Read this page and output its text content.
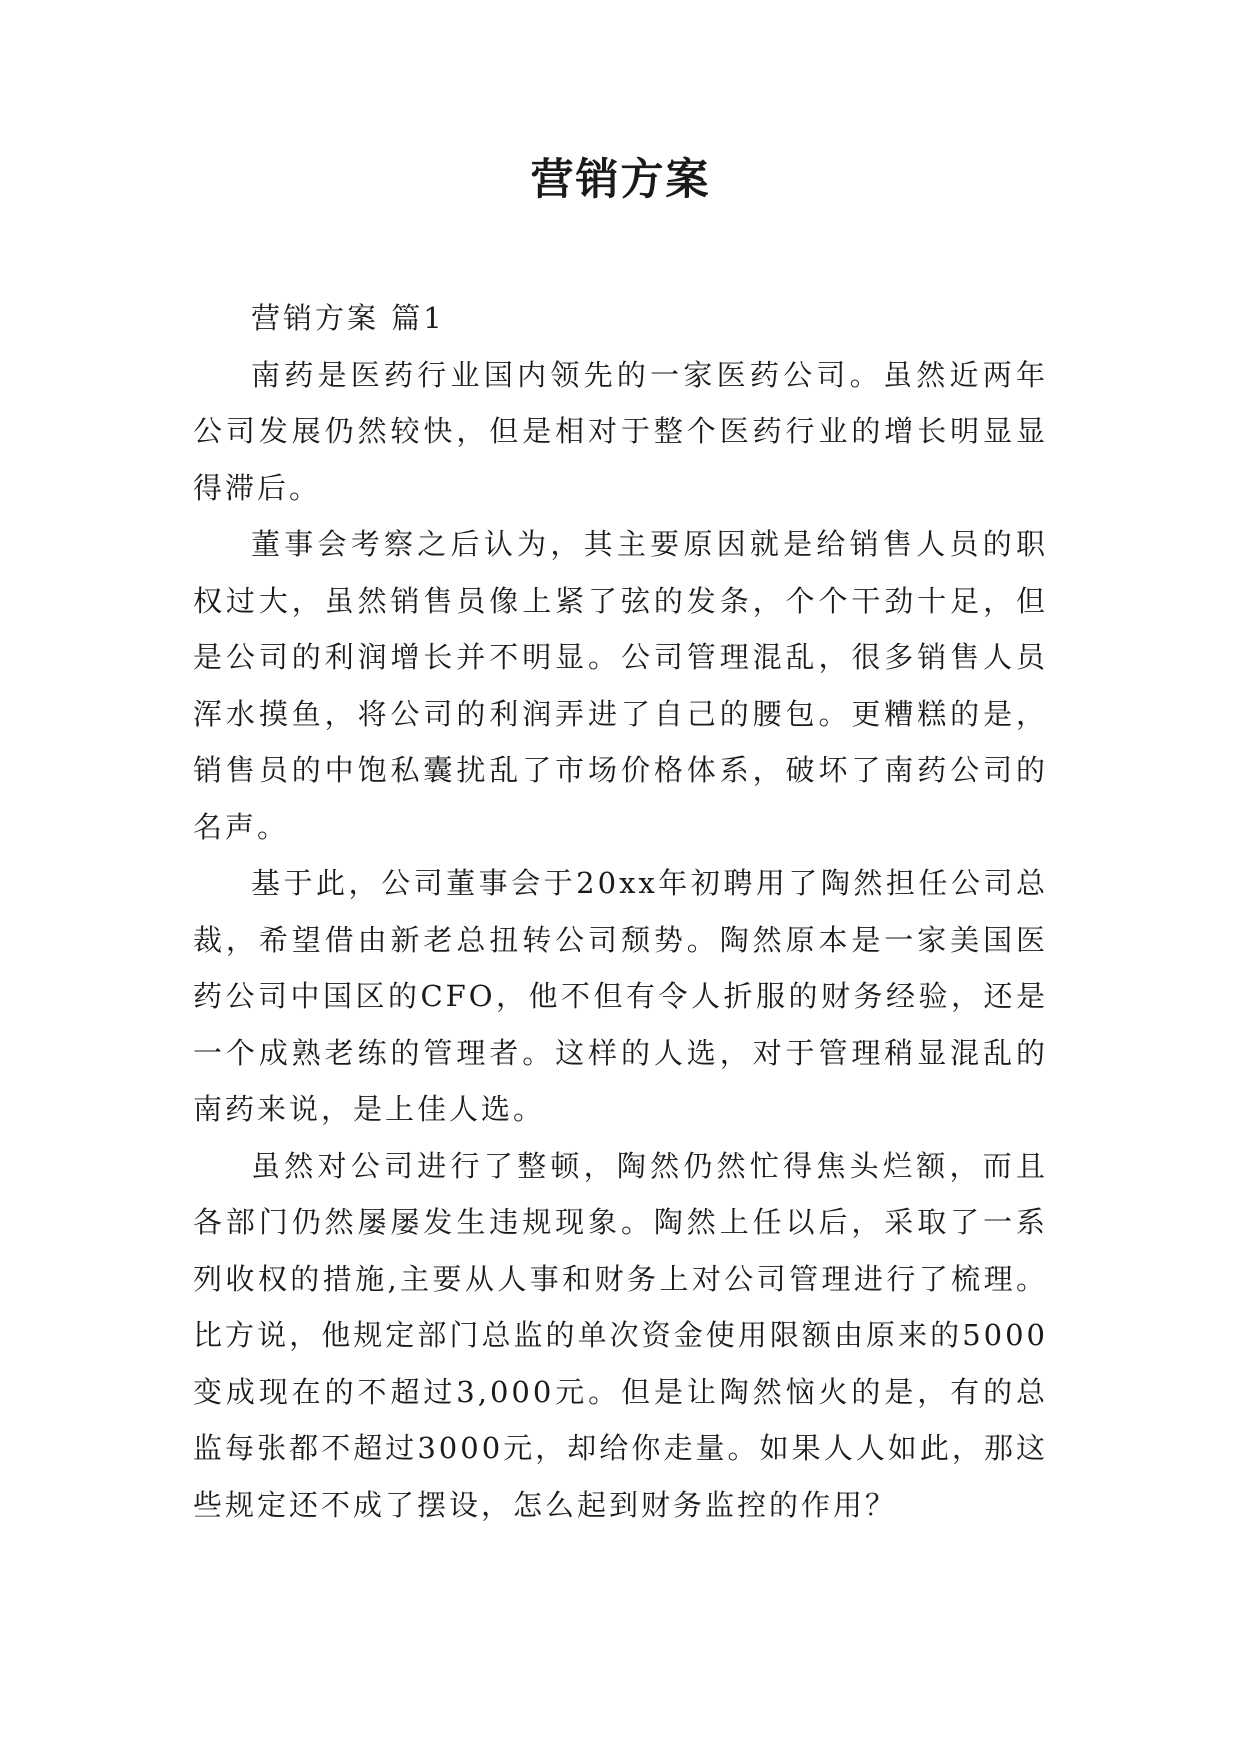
营销方案

营销方案 篇1

南药是医药行业国内领先的一家医药公司。虽然近两年公司发展仍然较快，但是相对于整个医药行业的增长明显显得滞后。

董事会考察之后认为，其主要原因就是给销售人员的职权过大，虽然销售员像上紧了弦的发条，个个干劲十足，但是公司的利润增长并不明显。公司管理混乱，很多销售人员浑水摸鱼，将公司的利润弄进了自己的腰包。更糟糕的是，销售员的中饱私囊扰乱了市场价格体系，破坏了南药公司的名声。

基于此，公司董事会于20xx年初聘用了陶然担任公司总裁，希望借由新老总扭转公司颓势。陶然原本是一家美国医药公司中国区的CFO，他不但有令人折服的财务经验，还是一个成熟老练的管理者。这样的人选，对于管理稍显混乱的南药来说，是上佳人选。

虽然对公司进行了整顿，陶然仍然忙得焦头烂额，而且各部门仍然屡屡发生违规现象。陶然上任以后，采取了一系列收权的措施,主要从人事和财务上对公司管理进行了梳理。比方说，他规定部门总监的单次资金使用限额由原来的5000变成现在的不超过3,000元。但是让陶然恼火的是，有的总监每张都不超过3000元，却给你走量。如果人人如此，那这些规定还不成了摆设，怎么起到财务监控的作用？
